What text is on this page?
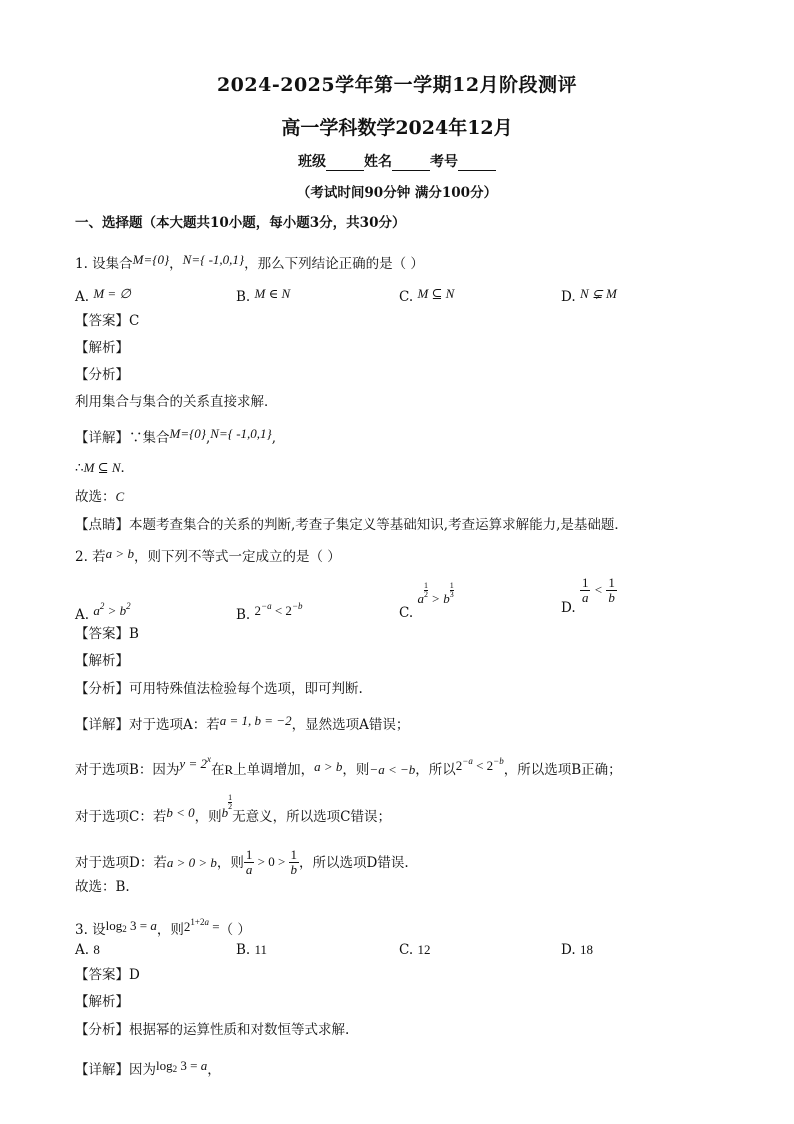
2024-2025学年第一学期12月阶段测评
高一学科数学2024年12月
班级	姓名	考号
（考试时间90分钟 满分100分）
一、选择题（本大题共10小题，每小题3分，共30分）
1. 设集合M={0}，N={ -1,0,1}，那么下列结论正确的是（ ）
A. M = ∅	B. M ∈ N	C. M ⊆ N	D. N ⊊ M
【答案】C
【解析】
【分析】
利用集合与集合的关系直接求解．
【详解】∵集合M={0},N={ -1,0,1},
∴M ⊆ N．
故选：C
【点睛】本题考查集合的关系的判断,考查子集定义等基础知识,考查运算求解能力,是基础题．
2. 若a > b，则下列不等式一定成立的是（ ）
A. $a^2 > b^2$
B. $2^{-a} < 2^{-b}$	C. a $\frac{1}{2} > b \frac{1}{3}$
D.
$\frac{1}{a} < \frac{1}{b}$
【答案】B
【解析】
【分析】可用特殊值法检验每个选项，即可判断.
【详解】对于选项A：若a = 1, b = −2，显然选项A错误；
对于选项B：因为$y = 2^x$在R上单调增加，a > b，则−a < −b，所以$2^{-a} < 2^{-b}$，所以选项B正确；
对于选项C：若b < 0，则b
$\frac{1}{2}$
无意义，所以选项C错误；
对于选项D：若a > 0 > b，则 $\frac{1}{a} > 0 > \frac{1}{b}$ ，所以选项D错误.
故选：B.
3. 设log2 3 = a，则$2^{1+2a}$ =（ ）
A. 8	B. 11	C. 12	D. 18
【答案】D
【解析】
【分析】根据幂的运算性质和对数恒等式求解.
【详解】因为log2 3 = a，
